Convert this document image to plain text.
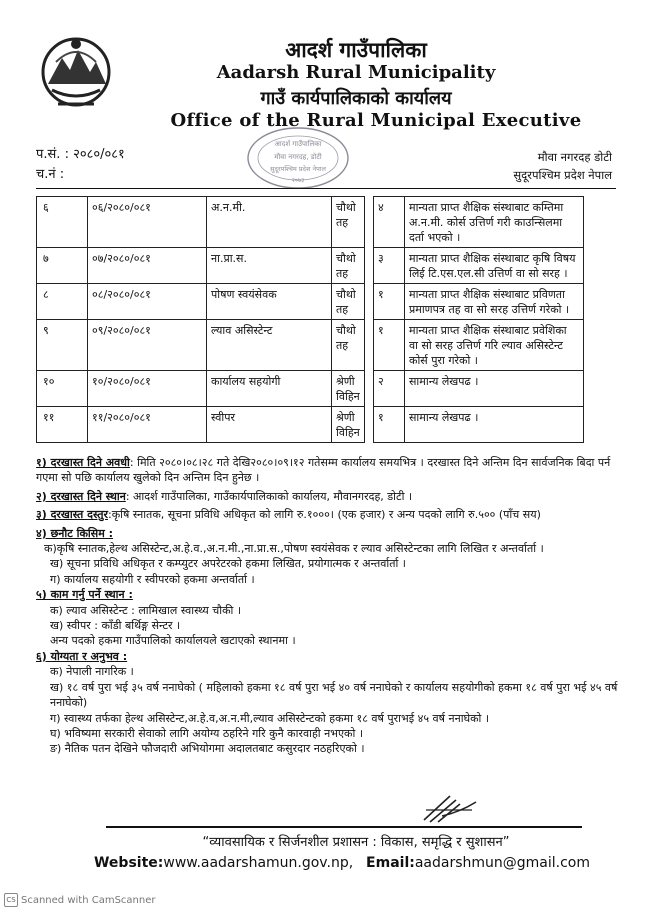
आदर्श गाउँपालिका
Aadarsh Rural Municipality
गाउँ कार्यपालिकाको कार्यालय
Office of the Rural Municipal Executive
आदर्श गाउँपालिका
मौवा नगरदह, डोटी
सुदूरपश्चिम प्रदेश नेपाल
२०७३
प.सं. : २०८०/०८१
च.नं :
मौवा नगरदह डोटी
सुदूरपश्चिम प्रदेश नेपाल
६	०६/२०८०/०८१	अ.न.मी.	चौथो तह		४	मान्यता प्राप्त शैक्षिक संस्थाबाट कम्तिमा अ.न.मी. कोर्स उत्तिर्ण गरी काउन्सिलमा दर्ता भएको ।
७	०७/२०८०/०८१	ना.प्रा.स.	चौथो तह		३	मान्यता प्राप्त शैक्षिक संस्थाबाट कृषि विषय लिई टि.एस.एल.सी उत्तिर्ण वा सो सरह ।
८	०८/२०८०/०८१	पोषण स्वयंसेवक	चौथो तह		१	मान्यता प्राप्त शैक्षिक संस्थाबाट प्रविणता प्रमाणपत्र तह वा सो सरह उत्तिर्ण गरेको ।
९	०९/२०८०/०८१	ल्याव असिस्टेन्ट	चौथो तह		१	मान्यता प्राप्त शैक्षिक संस्थाबाट प्रवेशिका वा सो सरह उत्तिर्ण गरि ल्याव असिस्टेन्ट कोर्स पुरा गरेको ।
१०	१०/२०८०/०८१	कार्यालय सहयोगी	श्रेणी विहिन		२	सामान्य लेखपढ ।
११	११/२०८०/०८१	स्वीपर	श्रेणी विहिन		१	सामान्य लेखपढ ।

१) दरखास्त दिने अवधी: मिति २०८०।०८।२८ गते देखि२०८०।०९।१२ गतेसम्म कार्यालय समयभित्र । दरखास्त दिने अन्तिम दिन सार्वजनिक बिदा पर्न गएमा सो पछि कार्यालय खुलेको दिन अन्तिम दिन हुनेछ ।

२) दरखास्त दिने स्थान: आदर्श गाउँपालिका, गाउँकार्यपालिकाको कार्यालय, मौवानगरदह, डोटी ।

३) दरखास्त दस्तुर:कृषि स्नातक, सूचना प्रविधि अधिकृत को लागि रु.१०००। (एक हजार) र अन्य पदको लागि रु.५०० (पाँच सय)

४) छनौट किसिम :

क)कृषि स्नातक,हेल्थ असिस्टेन्ट,अ.हे.व.,अ.न.मी.,ना.प्रा.स.,पोषण स्वयंसेवक र ल्याव असिस्टेन्टका लागि लिखित र अन्तर्वार्ता ।

ख) सूचना प्रविधि अधिकृत र कम्प्युटर अपरेटरको हकमा लिखित, प्रयोगात्मक र अन्तर्वार्ता ।

ग) कार्यालय सहयोगी र स्वीपरको हकमा अन्तर्वार्ता ।

५) काम गर्नु पर्ने स्थान :

क) ल्याव असिस्टेन्ट : लामिखाल स्वास्थ्य चौकी ।

ख) स्वीपर : काँडी बर्थिङ्ग सेन्टर ।

अन्य पदको हकमा गाउँपालिको कार्यालयले खटाएको स्थानमा ।

६) योग्यता र अनुभव :

क) नेपाली नागरिक ।

ख) १८ वर्ष पुरा भई ३५ वर्ष ननाघेको ( महिलाको हकमा १८ वर्ष पुरा भई ४० वर्ष ननाघेको र कार्यालय सहयोगीको हकमा १८ वर्ष पुरा भई ४५ वर्ष ननाघेको)

ग) स्वास्थ्य तर्फका हेल्थ असिस्टेन्ट,अ.हे.व,अ.न.मी,ल्याव असिस्टेन्टको हकमा १८ वर्ष पुराभई ४५ वर्ष ननाघेको ।

घ) भविष्यमा सरकारी सेवाको लागि अयोग्य ठहरिने गरि कुनै कारवाही नभएको ।

ङ) नैतिक पतन देखिने फौजदारी अभियोगमा अदालतबाट कसुरदार नठहरिएको ।

“व्यावसायिक र सिर्जनशील प्रशासन : विकास, समृद्धि र सुशासन”
Website:www.aadarshamun.gov.np, Email:aadarshmun@gmail.com
CS Scanned with CamScanner
